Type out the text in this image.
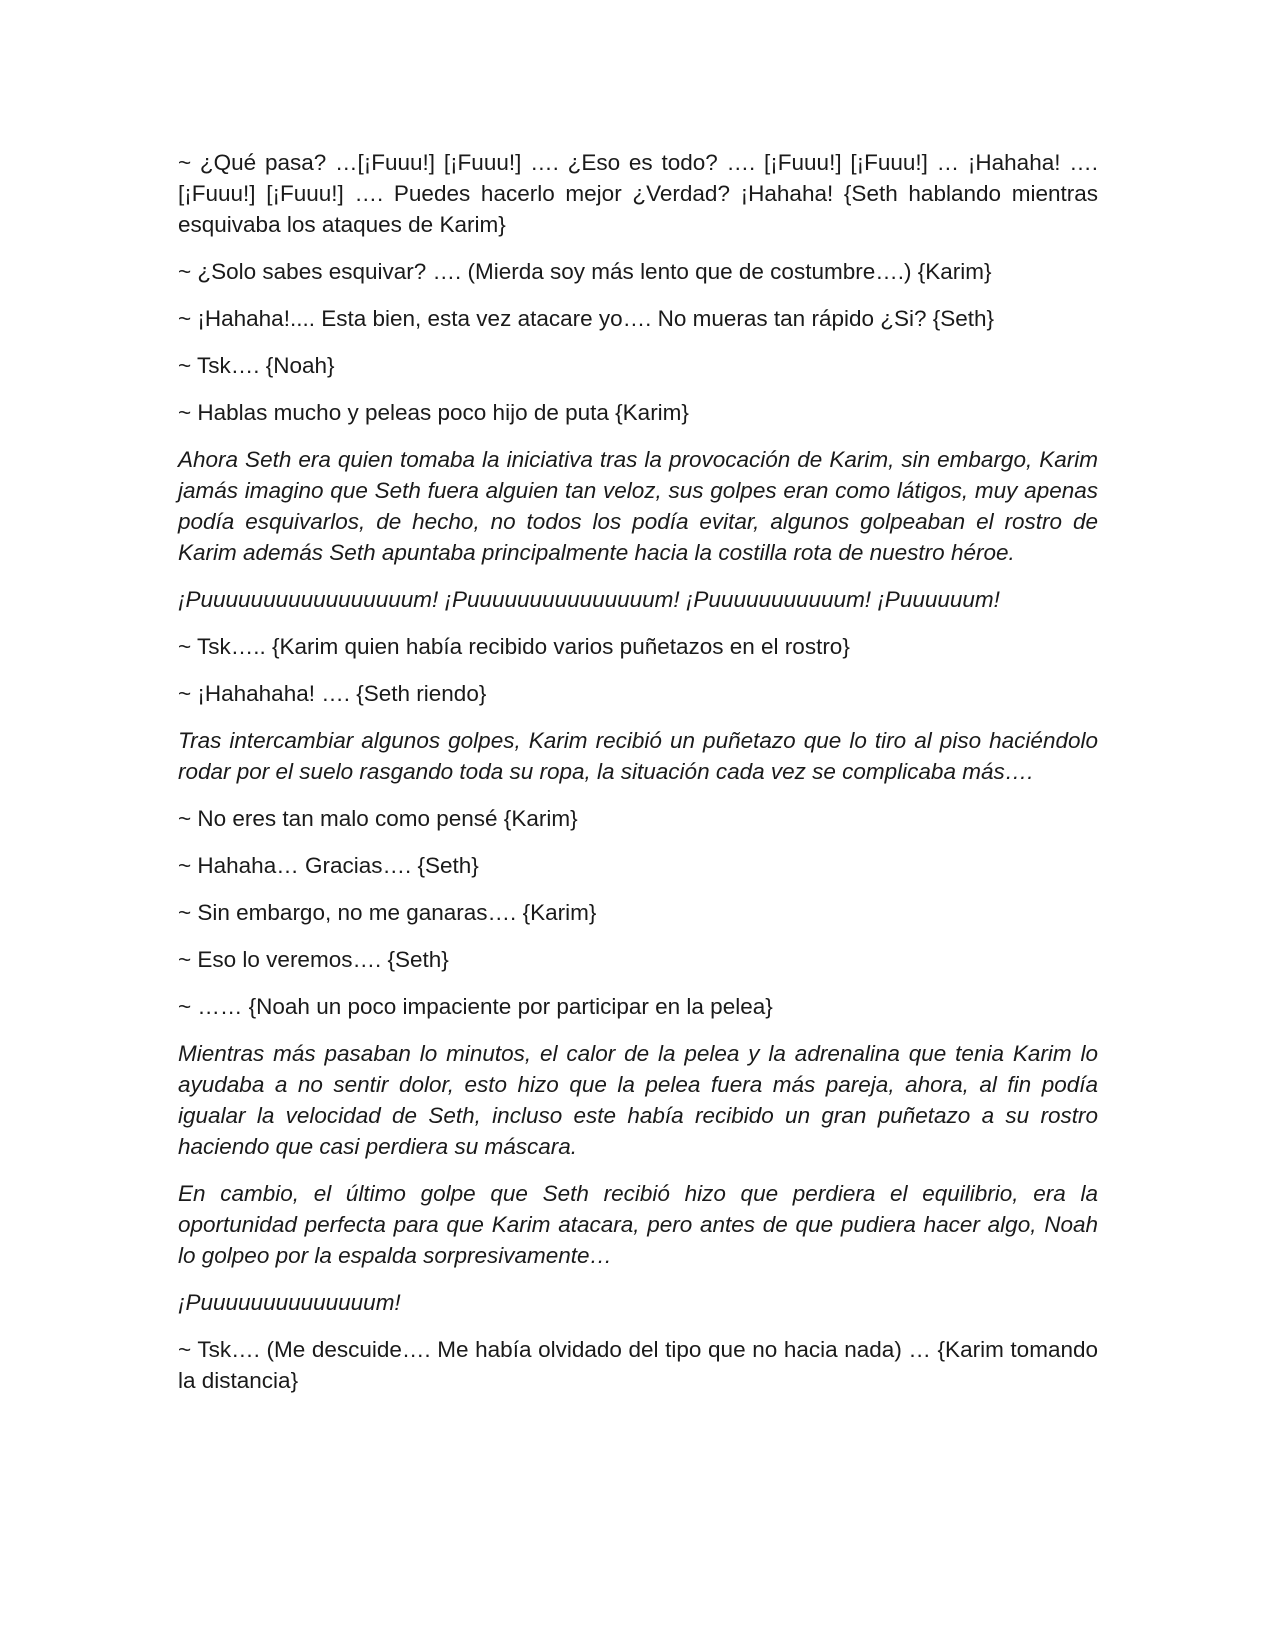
~ ¿Qué pasa? …[¡Fuuu!] [¡Fuuu!] …. ¿Eso es todo? …. [¡Fuuu!] [¡Fuuu!] … ¡Hahaha! …. [¡Fuuu!] [¡Fuuu!] …. Puedes hacerlo mejor ¿Verdad? ¡Hahaha! {Seth hablando mientras esquivaba los ataques de Karim}

~ ¿Solo sabes esquivar? …. (Mierda soy más lento que de costumbre….) {Karim}

~ ¡Hahaha!.... Esta bien, esta vez atacare yo…. No mueras tan rápido ¿Si? {Seth}

~ Tsk…. {Noah}

~ Hablas mucho y peleas poco hijo de puta {Karim}

Ahora Seth era quien tomaba la iniciativa tras la provocación de Karim, sin embargo, Karim jamás imagino que Seth fuera alguien tan veloz, sus golpes eran como látigos, muy apenas podía esquivarlos, de hecho, no todos los podía evitar, algunos golpeaban el rostro de Karim además Seth apuntaba principalmente hacia la costilla rota de nuestro héroe.

¡Puuuuuuuuuuuuuuuuum! ¡Puuuuuuuuuuuuuuum! ¡Puuuuuuuuuuum! ¡Puuuuuum!

~ Tsk….. {Karim quien había recibido varios puñetazos en el rostro}

~ ¡Hahahaha! …. {Seth riendo}

Tras intercambiar algunos golpes, Karim recibió un puñetazo que lo tiro al piso haciéndolo rodar por el suelo rasgando toda su ropa, la situación cada vez se complicaba más….

~ No eres tan malo como pensé {Karim}

~ Hahaha… Gracias…. {Seth}

~ Sin embargo, no me ganaras…. {Karim}

~ Eso lo veremos…. {Seth}

~ …… {Noah un poco impaciente por participar en la pelea}

Mientras más pasaban lo minutos, el calor de la pelea y la adrenalina que tenia Karim lo ayudaba a no sentir dolor, esto hizo que la pelea fuera más pareja, ahora, al fin podía igualar la velocidad de Seth, incluso este había recibido un gran puñetazo a su rostro haciendo que casi perdiera su máscara.

En cambio, el último golpe que Seth recibió hizo que perdiera el equilibrio, era la oportunidad perfecta para que Karim atacara, pero antes de que pudiera hacer algo, Noah lo golpeo por la espalda sorpresivamente…

¡Puuuuuuuuuuuuuum!

~ Tsk…. (Me descuide…. Me había olvidado del tipo que no hacia nada) … {Karim tomando la distancia}
